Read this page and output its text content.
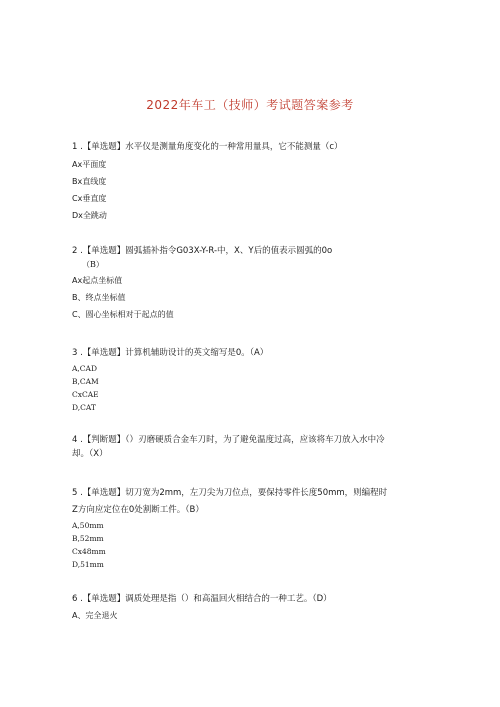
2022年车工（技师）考试题答案参考
1 .【单选题】水平仪是测量角度变化的一种常用量具，它不能测量（c）
Ax平面度
Bx直线度
Cx垂直度
Dx全跳动
2 .【单选题】圆弧插补指令G03X-Y-R-中，X、Y后的值表示圆弧的0o
（B）
Ax起点坐标值
B、终点坐标值
C、圆心坐标相对于起点的值
3 .【单选题】计算机辅助设计的英文缩写是0。（A）
A,CAD
B,CAM
CxCAE
D,CAT
4 .【判断题】（）刃磨硬质合金车刀时，为了避免温度过高，应该将车刀放入水中冷
却。（X）
5 .【单选题】切刀宽为2mm，左刀尖为刀位点，要保持零件长度50mm，则编程时
Z方向应定位在0处割断工件。（B）
A,50mm
B,52mm
Cx48mm
D,51mm
6 .【单选题】调质处理是指（）和高温回火相结合的一种工艺。（D）
A、完全退火
